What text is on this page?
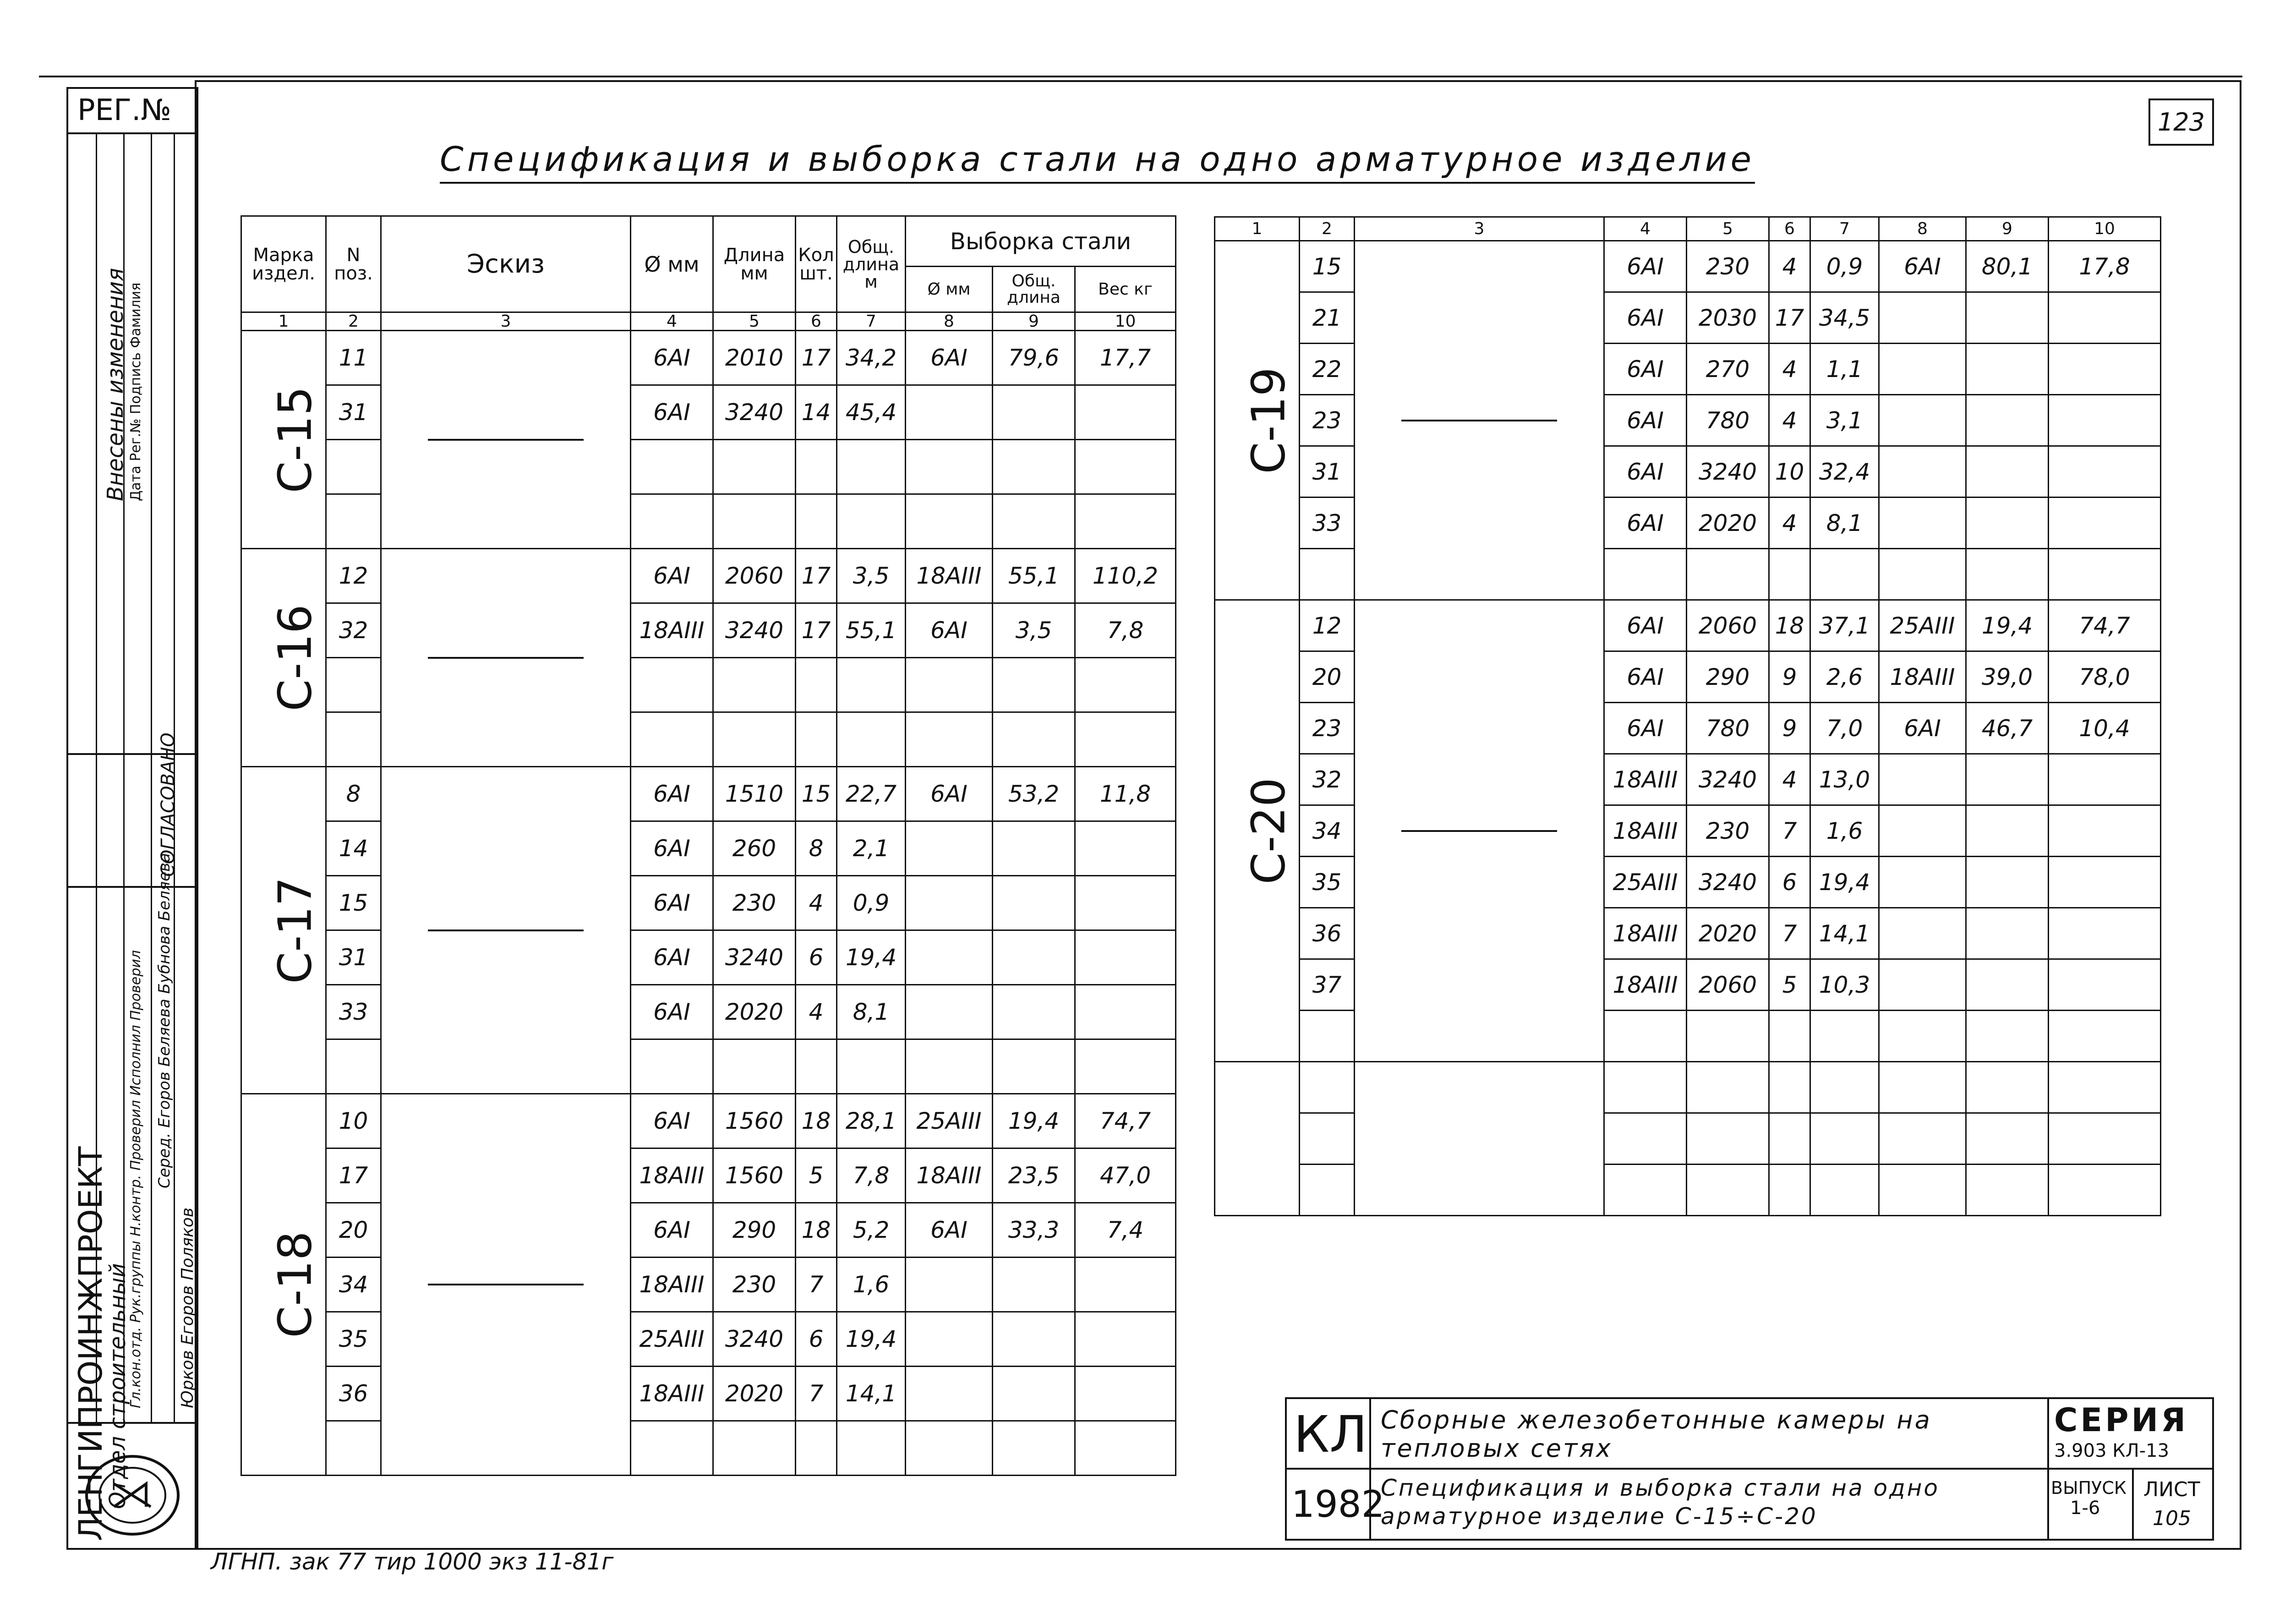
РЕГ.№
Внесены изменения Дата Рег.№ Подпись Фамилия
СОГЛАСОВАНО
ЛЕНГИПРОИНЖПРОЕКТ
Отдел строительный
Гл.кон.отд. Рук.группы Н.контр. Проверил Исполнил Проверил Серед. Егоров Беляева Бубнова Беляева
Юрков Егоров Поляков
123
Спецификация и выборка стали на одно арматурное изделие
Марка издел.	N поз.	Эскиз	Ø мм	Длина мм	Кол шт.	Общ. длина м	Выборка стали		
							Ø мм	Общ. длина	Вес кг
1	2	3	4	5	6	7	8	9	10
С-15	11		6АI	2010	17	34,2	6АI	79,6	17,7
	31		6АI	3240	14	45,4			

С-16	12		6АI	2060	17	3,5	18АIII	55,1	110,2
	32		18АIII	3240	17	55,1	6АI	3,5	7,8

С-17	8		6АI	1510	15	22,7	6АI	53,2	11,8
	14		6АI	260	8	2,1			
	15		6АI	230	4	0,9			
	31		6АI	3240	6	19,4			
	33		6АI	2020	4	8,1			

С-18	10		6АI	1560	18	28,1	25АIII	19,4	74,7
	17		18АIII	1560	5	7,8	18АIII	23,5	47,0
	20		6АI	290	18	5,2	6АI	33,3	7,4
	34		18АIII	230	7	1,6			
	35		25АIII	3240	6	19,4			
	36		18АIII	2020	7	14,1			

1	2	3	4	5	6	7	8	9	10
С-19	15		6АI	230	4	0,9	6АI	80,1	17,8
	21		6АI	2030	17	34,5			
	22		6АI	270	4	1,1			
	23		6АI	780	4	3,1			
	31		6АI	3240	10	32,4			
	33		6АI	2020	4	8,1			

С-20	12		6АI	2060	18	37,1	25АIII	19,4	74,7
	20		6АI	290	9	2,6	18АIII	39,0	78,0
	23		6АI	780	9	7,0	6АI	46,7	10,4
	32		18АIII	3240	4	13,0			
	34		18АIII	230	7	1,6			
	35		25АIII	3240	6	19,4			
	36		18АIII	2020	7	14,1			
	37		18АIII	2060	5	10,3			

КЛ
1982
Сборные железобетонные камеры на тепловых сетях
Спецификация и выборка стали на одно арматурное изделие С-15÷С-20
СЕРИЯ
3.903 КЛ-13
ВЫПУСК
1-6
ЛИСТ
105
ЛГНП. зак 77 тир 1000 экз 11-81г
